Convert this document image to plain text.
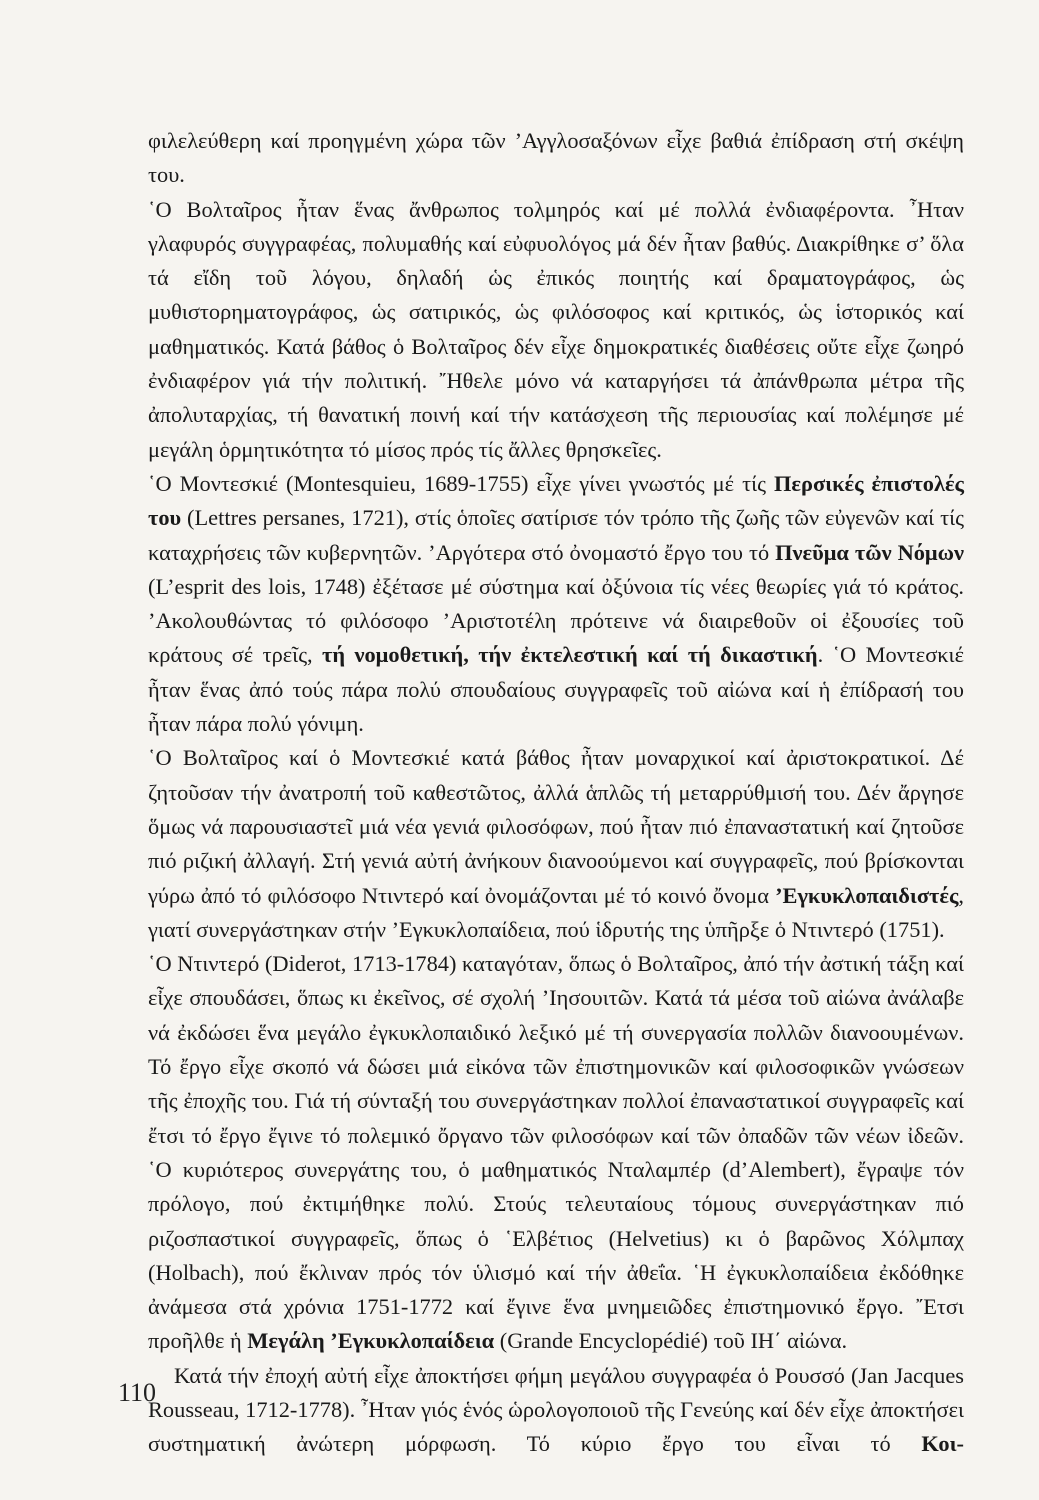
φιλελεύθερη καί προηγμένη χώρα τῶν ’Αγγλοσαξόνων εἶχε βαθιά ἐπίδραση στή σκέψη του.

῾Ο Βολταῖρος ἦταν ἕνας ἄνθρωπος τολμηρός καί μέ πολλά ἐνδιαφέροντα. ῏Ηταν γλαφυρός συγγραφέας, πολυμαθής καί εὐφυολόγος μά δέν ἦταν βαθύς. Διακρίθηκε σ’ ὅλα τά εἴδη τοῦ λόγου, δηλαδή ὡς ἐπικός ποιητής καί δραματογράφος, ὡς μυθιστορηματογράφος, ὡς σατιρικός, ὡς φιλόσοφος καί κριτικός, ὡς ἱστορικός καί μαθηματικός. Κατά βάθος ὁ Βολταῖρος δέν εἶχε δημοκρατικές διαθέσεις οὔτε εἶχε ζωηρό ἐνδιαφέρον γιά τήν πολιτική. ῎Ηθελε μόνο νά καταργήσει τά ἀπάνθρωπα μέτρα τῆς ἀπολυταρχίας, τή θανατική ποινή καί τήν κατάσχεση τῆς περιουσίας καί πολέμησε μέ μεγάλη ὁρμητικότητα τό μίσος πρός τίς ἄλλες θρησκεῖες.

῾Ο Μοντεσκιέ (Montesquieu, 1689-1755) εἶχε γίνει γνωστός μέ τίς Περσικές ἐπιστολές του (Lettres persanes, 1721), στίς ὁποῖες σατίρισε τόν τρόπο τῆς ζωῆς τῶν εὐγενῶν καί τίς καταχρήσεις τῶν κυβερνητῶν. ’Αργότερα στό ὀνομαστό ἔργο του τό Πνεῦμα τῶν Νόμων (L’esprit des lois, 1748) ἐξέτασε μέ σύστημα καί ὀξύνοια τίς νέες θεωρίες γιά τό κράτος. ’Ακολουθώντας τό φιλόσοφο ’Αριστοτέλη πρότεινε νά διαιρεθοῦν οἱ ἐξουσίες τοῦ κράτους σέ τρεῖς, τή νομοθετική, τήν ἐκτελεστική καί τή δικαστική. ῾Ο Μοντεσκιέ ἦταν ἕνας ἀπό τούς πάρα πολύ σπουδαίους συγγραφεῖς τοῦ αἰώνα καί ἡ ἐπίδρασή του ἦταν πάρα πολύ γόνιμη.

῾Ο Βολταῖρος καί ὁ Μοντεσκιέ κατά βάθος ἦταν μοναρχικοί καί ἀριστοκρατικοί. Δέ ζητοῦσαν τήν ἀνατροπή τοῦ καθεστῶτος, ἀλλά ἁπλῶς τή μεταρρύθμισή του. Δέν ἄργησε ὅμως νά παρουσιαστεῖ μιά νέα γενιά φιλοσόφων, πού ἦταν πιό ἐπαναστατική καί ζητοῦσε πιό ριζική ἀλλαγή. Στή γενιά αὐτή ἀνήκουν διανοούμενοι καί συγγραφεῖς, πού βρίσκονται γύρω ἀπό τό φιλόσοφο Ντιντερό καί ὀνομάζονται μέ τό κοινό ὄνομα ’Εγκυκλοπαιδιστές, γιατί συνεργάστηκαν στήν ’Εγκυκλοπαίδεια, πού ἱδρυτής της ὑπῆρξε ὁ Ντιντερό (1751).

῾Ο Ντιντερό (Diderot, 1713-1784) καταγόταν, ὅπως ὁ Βολταῖρος, ἀπό τήν ἀστική τάξη καί εἶχε σπουδάσει, ὅπως κι ἐκεῖνος, σέ σχολή ’Ιησουιτῶν. Κατά τά μέσα τοῦ αἰώνα ἀνάλαβε νά ἐκδώσει ἕνα μεγάλο ἐγκυκλοπαιδικό λεξικό μέ τή συνεργασία πολλῶν διανοουμένων. Τό ἔργο εἶχε σκοπό νά δώσει μιά εἰκόνα τῶν ἐπιστημονικῶν καί φιλοσοφικῶν γνώσεων τῆς ἐποχῆς του. Γιά τή σύνταξή του συνεργάστηκαν πολλοί ἐπαναστατικοί συγγραφεῖς καί ἔτσι τό ἔργο ἔγινε τό πολεμικό ὄργανο τῶν φιλοσόφων καί τῶν ὀπαδῶν τῶν νέων ἰδεῶν. ῾Ο κυριότερος συνεργάτης του, ὁ μαθηματικός Νταλαμπέρ (d’Alembert), ἔγραψε τόν πρόλογο, πού ἐκτιμήθηκε πολύ. Στούς τελευταίους τόμους συνεργάστηκαν πιό ριζοσπαστικοί συγγραφεῖς, ὅπως ὁ ῾Ελβέτιος (Helvetius) κι ὁ βαρῶνος Χόλμπαχ (Holbach), πού ἔκλιναν πρός τόν ὑλισμό καί τήν ἀθεΐα. ῾Η ἐγκυκλοπαίδεια ἐκδόθηκε ἀνάμεσα στά χρόνια 1751-1772 καί ἔγινε ἕνα μνημειῶδες ἐπιστημονικό ἔργο. ῎Ετσι προῆλθε ἡ Μεγάλη ’Εγκυκλοπαίδεια (Grande Encyclopédié) τοῦ ΙΗ΄ αἰώνα.

Κατά τήν ἐποχή αὐτή εἶχε ἀποκτήσει φήμη μεγάλου συγγραφέα ὁ Ρουσσό (Jan Jacques Rousseau, 1712-1778). ῏Ηταν γιός ἑνός ὡρολογοποιοῦ τῆς Γενεύης καί δέν εἶχε ἀποκτήσει συστηματική ἀνώτερη μόρφωση. Τό κύριο ἔργο του εἶναι τό Κοι-

110
